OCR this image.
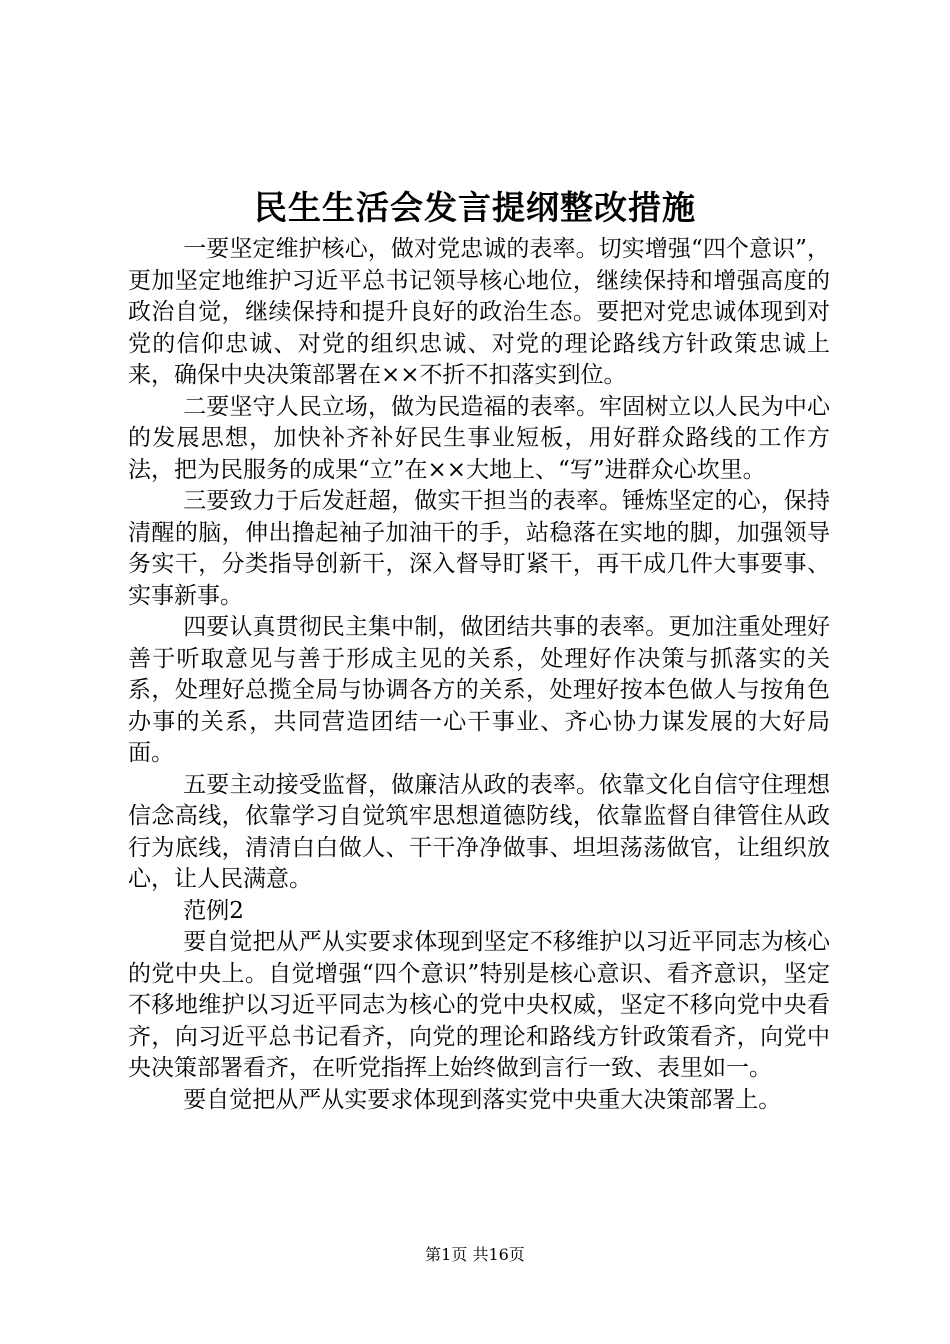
民生生活会发言提纲整改措施

一要坚定维护核心，做对党忠诚的表率。切实增强“四个意识”，更加坚定地维护习近平总书记领导核心地位，继续保持和增强高度的政治自觉，继续保持和提升良好的政治生态。要把对党忠诚体现到对党的信仰忠诚、对党的组织忠诚、对党的理论路线方针政策忠诚上来，确保中央决策部署在××不折不扣落实到位。

二要坚守人民立场，做为民造福的表率。牢固树立以人民为中心的发展思想，加快补齐补好民生事业短板，用好群众路线的工作方法，把为民服务的成果“立”在××大地上、“写”进群众心坎里。

三要致力于后发赶超，做实干担当的表率。锤炼坚定的心，保持清醒的脑，伸出撸起袖子加油干的手，站稳落在实地的脚，加强领导务实干，分类指导创新干，深入督导盯紧干，再干成几件大事要事、实事新事。

四要认真贯彻民主集中制，做团结共事的表率。更加注重处理好善于听取意见与善于形成主见的关系，处理好作决策与抓落实的关系，处理好总揽全局与协调各方的关系，处理好按本色做人与按角色办事的关系，共同营造团结一心干事业、齐心协力谋发展的大好局面。

五要主动接受监督，做廉洁从政的表率。依靠文化自信守住理想信念高线，依靠学习自觉筑牢思想道德防线，依靠监督自律管住从政行为底线，清清白白做人、干干净净做事、坦坦荡荡做官，让组织放心，让人民满意。

范例2

要自觉把从严从实要求体现到坚定不移维护以习近平同志为核心的党中央上。自觉增强“四个意识”特别是核心意识、看齐意识，坚定不移地维护以习近平同志为核心的党中央权威，坚定不移向党中央看齐，向习近平总书记看齐，向党的理论和路线方针政策看齐，向党中央决策部署看齐，在听党指挥上始终做到言行一致、表里如一。

要自觉把从严从实要求体现到落实党中央重大决策部署上。

第1页 共16页
